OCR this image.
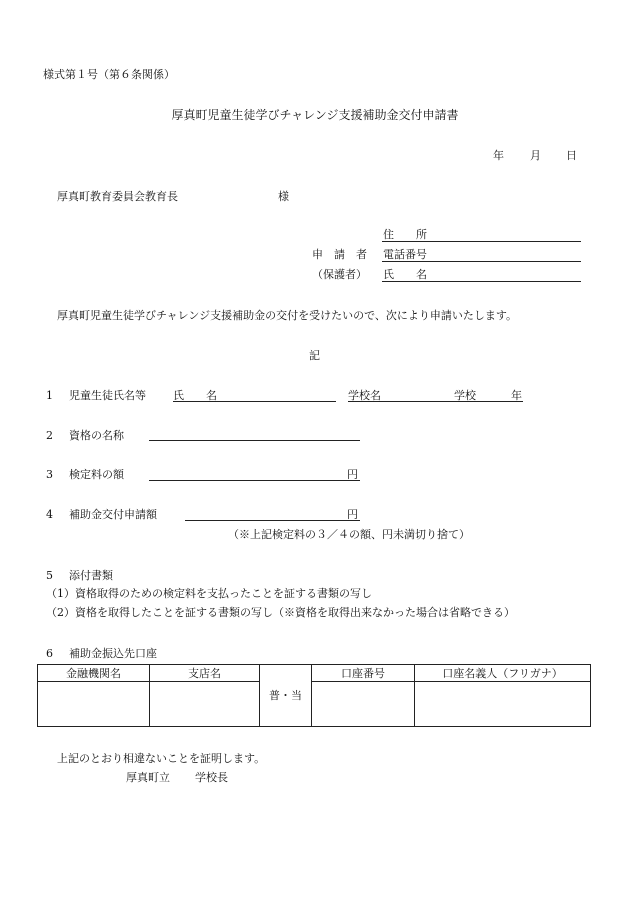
様式第１号（第６条関係）
厚真町児童生徒学びチャレンジ支援補助金交付申請書
年 月 日
厚真町教育委員会教育長	様
住　　所
申　請　者 電話番号
（保護者） 氏　　名
厚真町児童生徒学びチャレンジ支援補助金の交付を受けたいので、次により申請いたします。
記
1 児童生徒氏名等 氏　　名	学校名	学校	年
2 資格の名称
3 検定料の額	円
4 補助金交付申請額	円
（※上記検定料の３／４の額、円未満切り捨て）
5 添付書類
（1）資格取得のための検定料を支払ったことを証する書類の写し
（2）資格を取得したことを証する書類の写し（※資格を取得出来なかった場合は省略できる）
6 補助金振込先口座
金融機関名	支店名	普・当	口座番号	口座名義人（フリガナ）

上記のとおり相違ないことを証明します。
厚真町立 学校長
